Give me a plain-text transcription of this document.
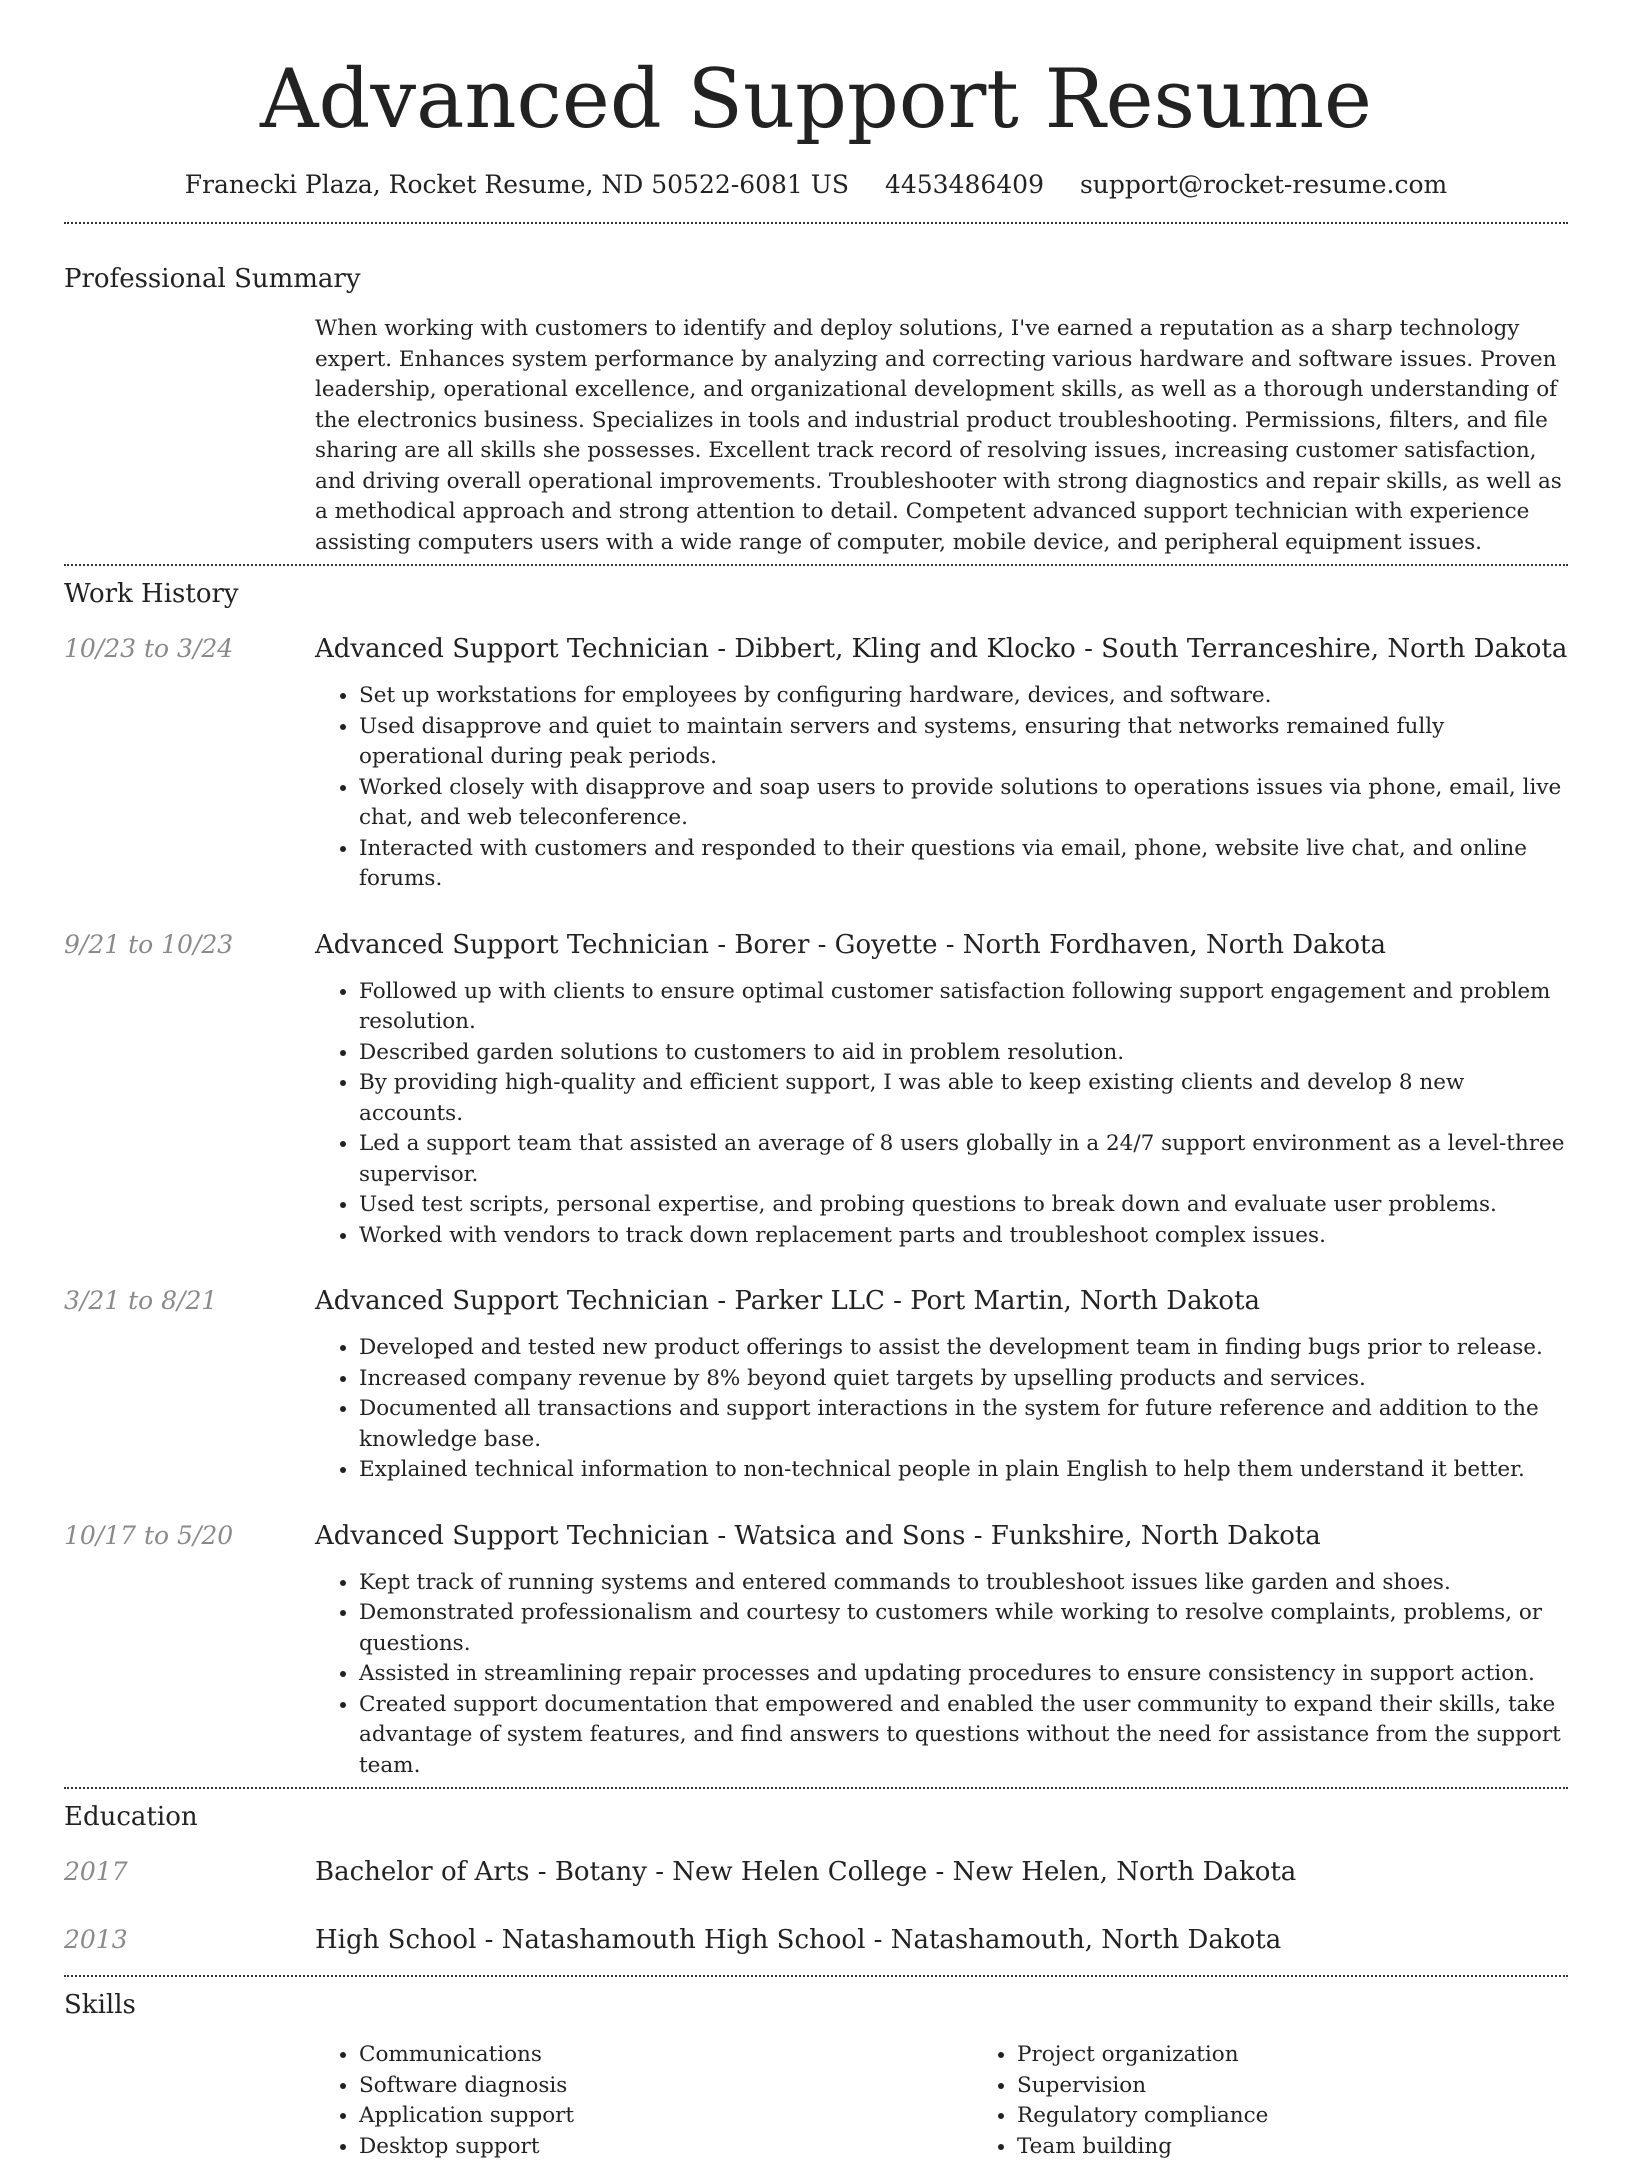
Advanced Support Resume
Franecki Plaza, Rocket Resume, ND 50522-6081 US 4453486409 support@rocket-resume.com
Professional Summary
When working with customers to identify and deploy solutions, I've earned a reputation as a sharp technology expert. Enhances system performance by analyzing and correcting various hardware and software issues. Proven leadership, operational excellence, and organizational development skills, as well as a thorough understanding of the electronics business. Specializes in tools and industrial product troubleshooting. Permissions, filters, and file sharing are all skills she possesses. Excellent track record of resolving issues, increasing customer satisfaction, and driving overall operational improvements. Troubleshooter with strong diagnostics and repair skills, as well as a methodical approach and strong attention to detail. Competent advanced support technician with experience assisting computers users with a wide range of computer, mobile device, and peripheral equipment issues.
Work History
10/23 to 3/24	Advanced Support Technician - Dibbert, Kling and Klocko - South Terranceshire, North Dakota
• Set up workstations for employees by configuring hardware, devices, and software.
• Used disapprove and quiet to maintain servers and systems, ensuring that networks remained fully operational during peak periods.
• Worked closely with disapprove and soap users to provide solutions to operations issues via phone, email, live chat, and web teleconference.
• Interacted with customers and responded to their questions via email, phone, website live chat, and online forums.
9/21 to 10/23	Advanced Support Technician - Borer - Goyette - North Fordhaven, North Dakota
• Followed up with clients to ensure optimal customer satisfaction following support engagement and problem resolution.
• Described garden solutions to customers to aid in problem resolution.
• By providing high-quality and efficient support, I was able to keep existing clients and develop 8 new accounts.
• Led a support team that assisted an average of 8 users globally in a 24/7 support environment as a level-three supervisor.
• Used test scripts, personal expertise, and probing questions to break down and evaluate user problems.
• Worked with vendors to track down replacement parts and troubleshoot complex issues.
3/21 to 8/21	Advanced Support Technician - Parker LLC - Port Martin, North Dakota
• Developed and tested new product offerings to assist the development team in finding bugs prior to release.
• Increased company revenue by 8% beyond quiet targets by upselling products and services.
• Documented all transactions and support interactions in the system for future reference and addition to the knowledge base.
• Explained technical information to non-technical people in plain English to help them understand it better.
10/17 to 5/20	Advanced Support Technician - Watsica and Sons - Funkshire, North Dakota
• Kept track of running systems and entered commands to troubleshoot issues like garden and shoes.
• Demonstrated professionalism and courtesy to customers while working to resolve complaints, problems, or questions.
• Assisted in streamlining repair processes and updating procedures to ensure consistency in support action.
• Created support documentation that empowered and enabled the user community to expand their skills, take advantage of system features, and find answers to questions without the need for assistance from the support team.
Education
2017	Bachelor of Arts - Botany - New Helen College - New Helen, North Dakota
2013	High School - Natashamouth High School - Natashamouth, North Dakota
Skills
• Communications
• Software diagnosis
• Application support
• Desktop support
• Project organization
• Supervision
• Regulatory compliance
• Team building
